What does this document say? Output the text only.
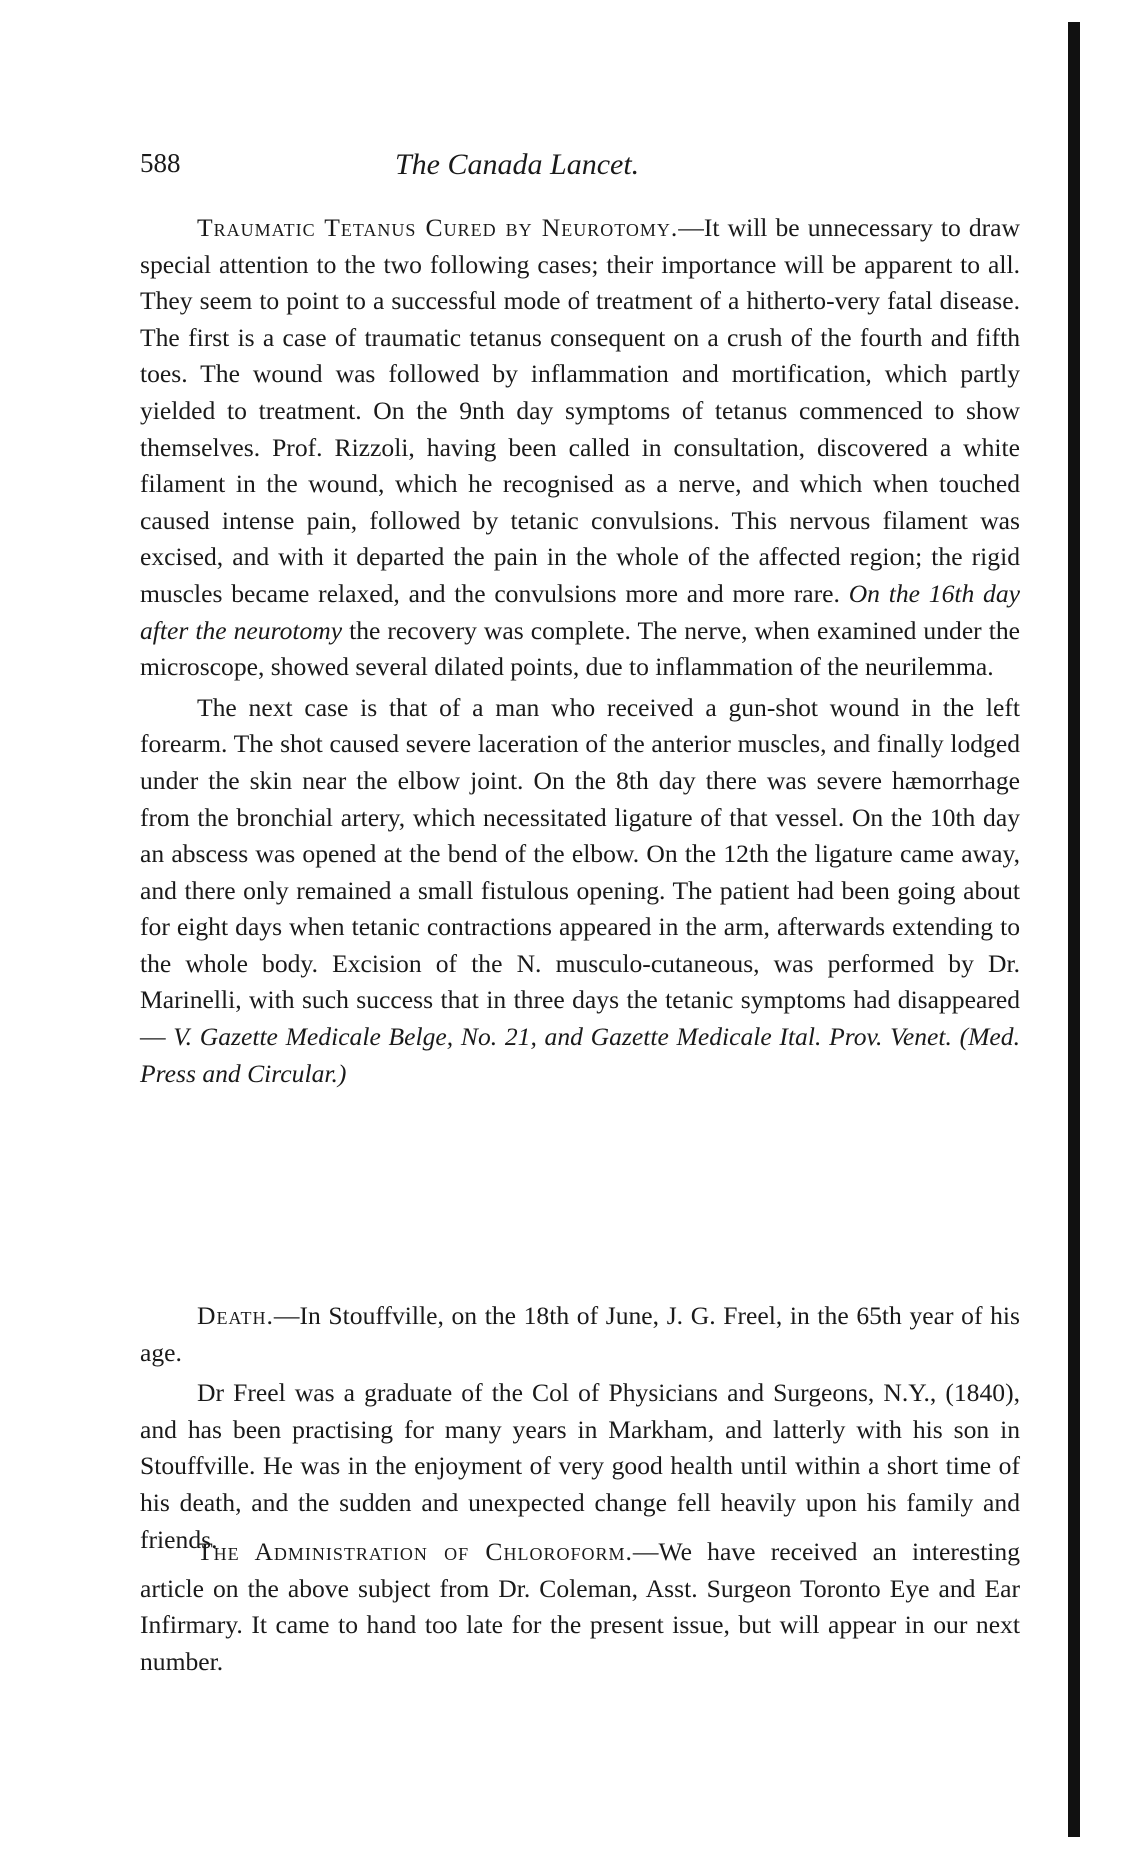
588	The Canada Lancet.

Traumatic Tetanus Cured by Neurotomy.—It will be unnecessary to draw special attention to the two following cases; their importance will be apparent to all. They seem to point to a successful mode of treatment of a hitherto-very fatal disease. The first is a case of traumatic tetanus consequent on a crush of the fourth and fifth toes. The wound was followed by inflammation and mortification, which partly yielded to treatment. On the 9nth day symptoms of tetanus commenced to show themselves. Prof. Rizzoli, having been called in consultation, discovered a white filament in the wound, which he recognised as a nerve, and which when touched caused intense pain, followed by tetanic convulsions. This nervous filament was excised, and with it departed the pain in the whole of the affected region; the rigid muscles became relaxed, and the convulsions more and more rare. On the 16th day after the neurotomy the recovery was complete. The nerve, when examined under the microscope, showed several dilated points, due to inflammation of the neurilemma.

The next case is that of a man who received a gun-shot wound in the left forearm. The shot caused severe laceration of the anterior muscles, and finally lodged under the skin near the elbow joint. On the 8th day there was severe hæmorrhage from the bronchial artery, which necessitated ligature of that vessel. On the 10th day an abscess was opened at the bend of the elbow. On the 12th the ligature came away, and there only remained a small fistulous opening. The patient had been going about for eight days when tetanic contractions appeared in the arm, afterwards extending to the whole body. Excision of the N. musculo-cutaneous, was performed by Dr. Marinelli, with such success that in three days the tetanic symptoms had disappeared — V. Gazette Medicale Belge, No. 21, and Gazette Medicale Ital. Prov. Venet. (Med. Press and Circular.)

Death.—In Stouffville, on the 18th of June, J. G. Freel, in the 65th year of his age.

Dr Freel was a graduate of the Col of Physicians and Surgeons, N.Y., (1840), and has been practising for many years in Markham, and latterly with his son in Stouffville. He was in the enjoyment of very good health until within a short time of his death, and the sudden and unexpected change fell heavily upon his family and friends.

The Administration of Chloroform.—We have received an interesting article on the above subject from Dr. Coleman, Asst. Surgeon Toronto Eye and Ear Infirmary. It came to hand too late for the present issue, but will appear in our next number.
